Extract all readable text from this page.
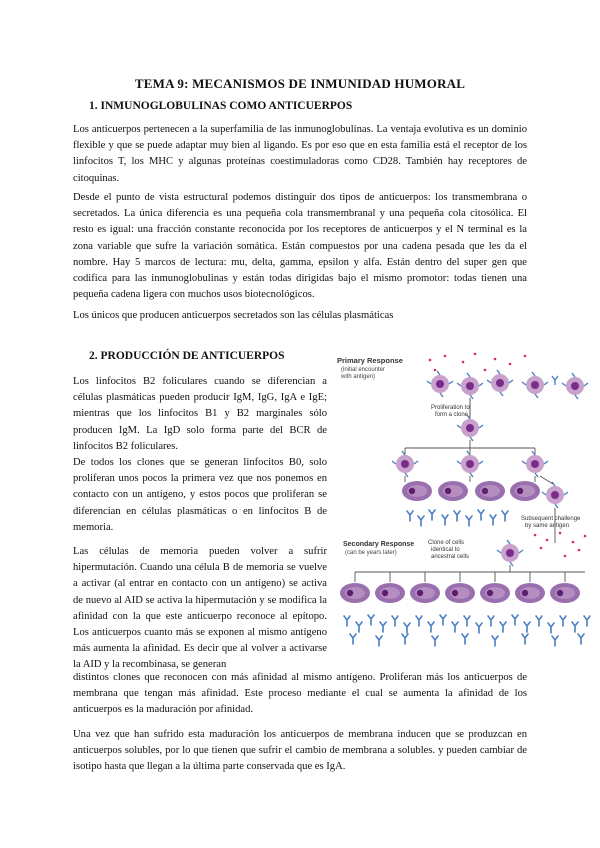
TEMA 9: MECANISMOS DE INMUNIDAD HUMORAL
1. INMUNOGLOBULINAS COMO ANTICUERPOS

Los anticuerpos pertenecen a la superfamilia de las inmunoglobulinas. La ventaja evolutiva es un dominio flexible y que se puede adaptar muy bien al ligando. Es por eso que en esta familia está el receptor de los linfocitos T, los MHC y algunas proteínas coestimuladoras como CD28. También hay receptores de citoquinas.

Desde el punto de vista estructural podemos distinguir dos tipos de anticuerpos: los transmembrana o secretados. La única diferencia es una pequeña cola transmembranal y una pequeña cola citosólica. El resto es igual: una fracción constante reconocida por los receptores de anticuerpos y el N terminal es la zona variable que sufre la variación somática. Están compuestos por una cadena pesada que les da el nombre. Hay 5 marcos de lectura: mu, delta, gamma, epsilon y alfa. Están dentro del super gen que codifica para las inmunoglobulinas y están todas dirigidas bajo el mismo promotor: todas tienen una pequeña cadena ligera con muchos usos biotecnológicos.

Los únicos que producen anticuerpos secretados son las células plasmáticas

2. PRODUCCIÓN DE ANTICUERPOS

Los linfocitos B2 foliculares cuando se diferencian a células plasmáticas pueden producir IgM, IgG, IgA e IgE; mientras que los linfocitos B1 y B2 marginales sólo producen IgM. La IgD solo forma parte del BCR de linfocitos B2 foliculares.

De todos los clones que se generan linfocitos B0, solo proliferan unos pocos la primera vez que nos ponemos en contacto con un antígeno, y estos pocos que proliferan se diferencian en células plasmáticas o en linfocitos B de memoria.

Las células de memoria pueden volver a sufrir hipermutación. Cuando una célula B de memoria se vuelve a activar (al entrar en contacto con un antígeno) se activa de nuevo al AID se activa la hipermutación y se modifica la afinidad con la que este anticuerpo reconoce al epítopo. Los anticuerpos cuanto más se exponen al mismo antígeno más aumenta la afinidad. Es decir que al volver a activarse la AID y la recombinasa, se generan

distintos clones que reconocen con más afinidad al mismo antígeno. Proliferan más los anticuerpos de membrana que tengan más afinidad. Este proceso mediante el cual se aumenta la afinidad de los anticuerpos es la maduración por afinidad.

Una vez que han sufrido esta maduración los anticuerpos de membrana inducen que se produzcan en anticuerpos solubles, por lo que tienen que sufrir el cambio de membrana a solubles. y pueden cambiar de isotipo hasta que llegan a la última parte conservada que es IgA.

Primary Response
(initial encounter
with antigen)
Proliferation to
form a clone
Subsequent challenge
by same antigen
Secondary Response
(can be years later)
Clone of cells
identical to
ancestral cells
